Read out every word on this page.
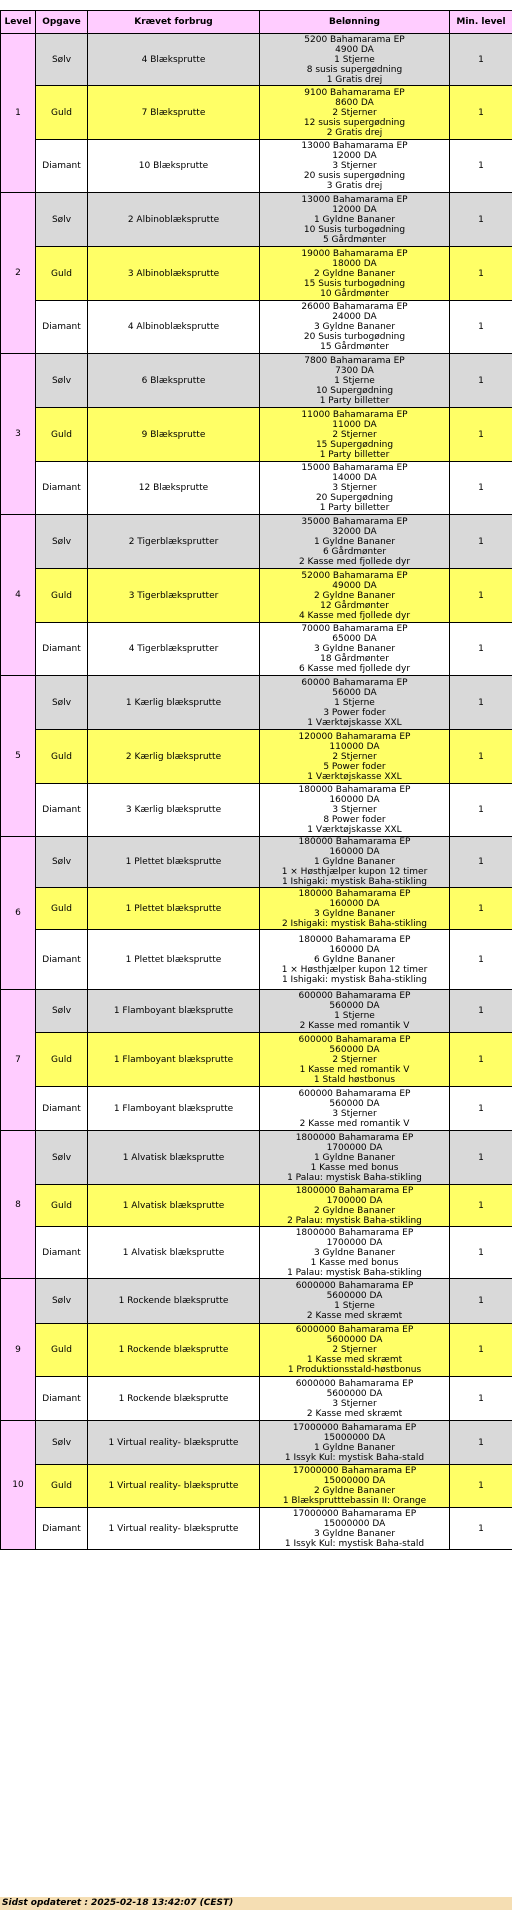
Level	Opgave	Krævet forbrug	Belønning	Min. level
1	Sølv	4 Blæksprutte	5200 Bahamarama EP
4900 DA
1 Stjerne
8 susis supergødning
1 Gratis drej	1
	Guld	7 Blæksprutte	9100 Bahamarama EP
8600 DA
2 Stjerner
12 susis supergødning
2 Gratis drej	1
	Diamant	10 Blæksprutte	13000 Bahamarama EP
12000 DA
3 Stjerner
20 susis supergødning
3 Gratis drej	1
2	Sølv	2 Albinoblæksprutte	13000 Bahamarama EP
12000 DA
1 Gyldne Bananer
10 Susis turbogødning
5 Gårdmønter	1
	Guld	3 Albinoblæksprutte	19000 Bahamarama EP
18000 DA
2 Gyldne Bananer
15 Susis turbogødning
10 Gårdmønter	1
	Diamant	4 Albinoblæksprutte	26000 Bahamarama EP
24000 DA
3 Gyldne Bananer
20 Susis turbogødning
15 Gårdmønter	1
3	Sølv	6 Blæksprutte	7800 Bahamarama EP
7300 DA
1 Stjerne
10 Supergødning
1 Party billetter	1
	Guld	9 Blæksprutte	11000 Bahamarama EP
11000 DA
2 Stjerner
15 Supergødning
1 Party billetter	1
	Diamant	12 Blæksprutte	15000 Bahamarama EP
14000 DA
3 Stjerner
20 Supergødning
1 Party billetter	1
4	Sølv	2 Tigerblæksprutter	35000 Bahamarama EP
32000 DA
1 Gyldne Bananer
6 Gårdmønter
2 Kasse med fjollede dyr	1
	Guld	3 Tigerblæksprutter	52000 Bahamarama EP
49000 DA
2 Gyldne Bananer
12 Gårdmønter
4 Kasse med fjollede dyr	1
	Diamant	4 Tigerblæksprutter	70000 Bahamarama EP
65000 DA
3 Gyldne Bananer
18 Gårdmønter
6 Kasse med fjollede dyr	1
5	Sølv	1 Kærlig blæksprutte	60000 Bahamarama EP
56000 DA
1 Stjerne
3 Power foder
1 Værktøjskasse XXL	1
	Guld	2 Kærlig blæksprutte	120000 Bahamarama EP
110000 DA
2 Stjerner
5 Power foder
1 Værktøjskasse XXL	1
	Diamant	3 Kærlig blæksprutte	180000 Bahamarama EP
160000 DA
3 Stjerner
8 Power foder
1 Værktøjskasse XXL	1
6	Sølv	1 Plettet blæksprutte	180000 Bahamarama EP
160000 DA
1 Gyldne Bananer
1 × Høsthjælper kupon 12 timer
1 Ishigaki: mystisk Baha-stikling	1
	Guld	1 Plettet blæksprutte	180000 Bahamarama EP
160000 DA
3 Gyldne Bananer
2 Ishigaki: mystisk Baha-stikling	1
	Diamant	1 Plettet blæksprutte	180000 Bahamarama EP
160000 DA
6 Gyldne Bananer
1 × Høsthjælper kupon 12 timer
1 Ishigaki: mystisk Baha-stikling	1
7	Sølv	1 Flamboyant blæksprutte	600000 Bahamarama EP
560000 DA
1 Stjerne
2 Kasse med romantik V	1
	Guld	1 Flamboyant blæksprutte	600000 Bahamarama EP
560000 DA
2 Stjerner
1 Kasse med romantik V
1 Stald høstbonus	1
	Diamant	1 Flamboyant blæksprutte	600000 Bahamarama EP
560000 DA
3 Stjerner
2 Kasse med romantik V	1
8	Sølv	1 Alvatisk blæksprutte	1800000 Bahamarama EP
1700000 DA
1 Gyldne Bananer
1 Kasse med bonus
1 Palau: mystisk Baha-stikling	1
	Guld	1 Alvatisk blæksprutte	1800000 Bahamarama EP
1700000 DA
2 Gyldne Bananer
2 Palau: mystisk Baha-stikling	1
	Diamant	1 Alvatisk blæksprutte	1800000 Bahamarama EP
1700000 DA
3 Gyldne Bananer
1 Kasse med bonus
1 Palau: mystisk Baha-stikling	1
9	Sølv	1 Rockende blæksprutte	6000000 Bahamarama EP
5600000 DA
1 Stjerne
2 Kasse med skræmt	1
	Guld	1 Rockende blæksprutte	6000000 Bahamarama EP
5600000 DA
2 Stjerner
1 Kasse med skræmt
1 Produktionsstald-høstbonus	1
	Diamant	1 Rockende blæksprutte	6000000 Bahamarama EP
5600000 DA
3 Stjerner
2 Kasse med skræmt	1
10	Sølv	1 Virtual reality- blæksprutte	17000000 Bahamarama EP
15000000 DA
1 Gyldne Bananer
1 Issyk Kul: mystisk Baha-stald	1
	Guld	1 Virtual reality- blæksprutte	17000000 Bahamarama EP
15000000 DA
2 Gyldne Bananer
1 Blæksprutttebassin II: Orange	1
	Diamant	1 Virtual reality- blæksprutte	17000000 Bahamarama EP
15000000 DA
3 Gyldne Bananer
1 Issyk Kul: mystisk Baha-stald	1
Sidst opdateret : 2025-02-18 13:42:07 (CEST)
